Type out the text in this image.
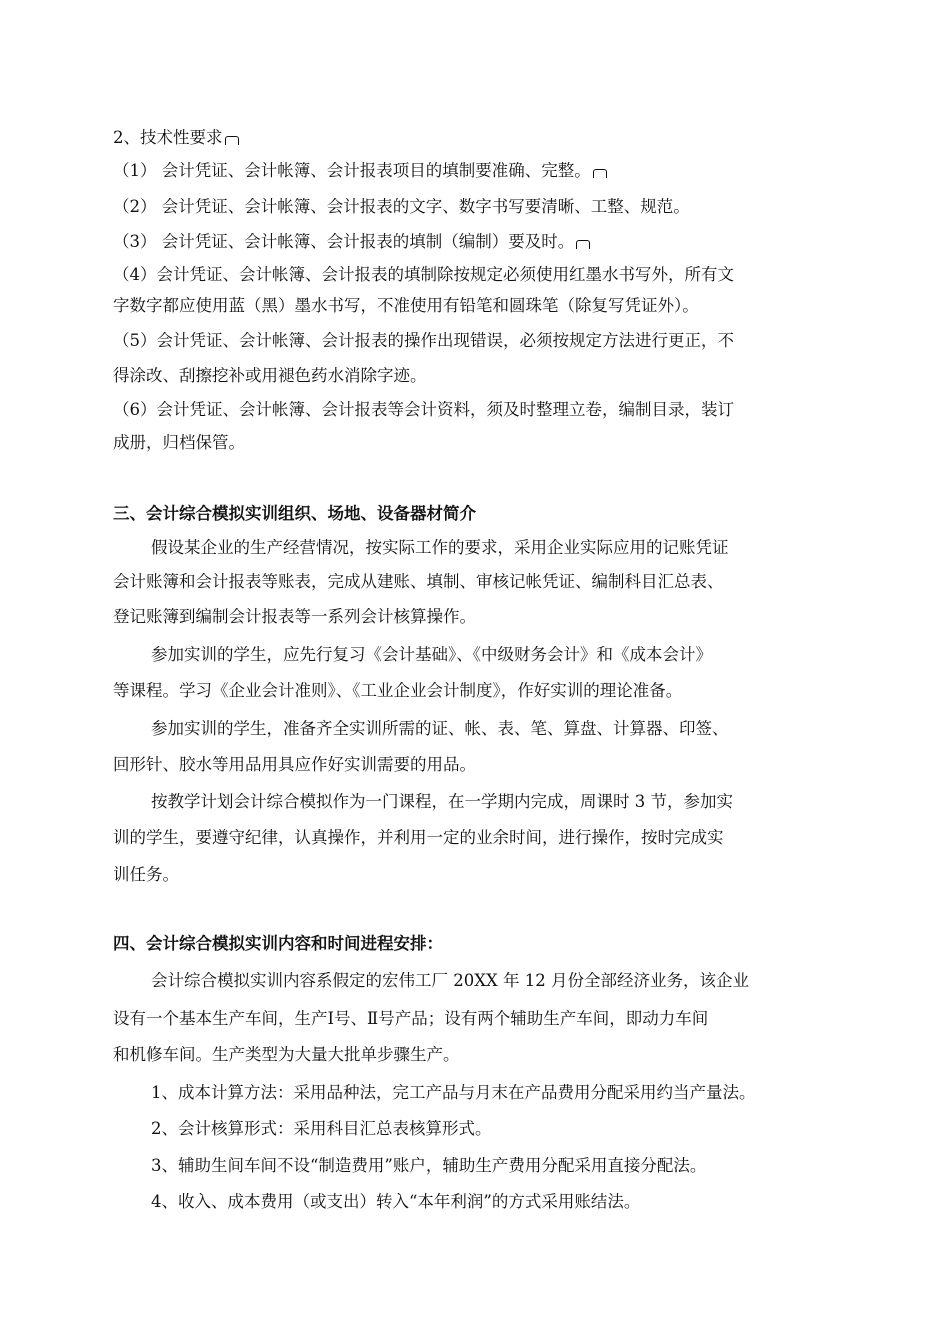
2、技术性要求
（1） 会计凭证、会计帐簿、会计报表项目的填制要准确、完整。
（2） 会计凭证、会计帐簿、会计报表的文字、数字书写要清晰、工整、规范。
（3） 会计凭证、会计帐簿、会计报表的填制（编制）要及时。
（4）会计凭证、会计帐簿、会计报表的填制除按规定必须使用红墨水书写外，所有文
字数字都应使用蓝（黑）墨水书写，不准使用有铅笔和圆珠笔（除复写凭证外）。
（5）会计凭证、会计帐簿、会计报表的操作出现错误，必须按规定方法进行更正，不
得涂改、刮擦挖补或用褪色药水消除字迹。
（6）会计凭证、会计帐簿、会计报表等会计资料，须及时整理立卷，编制目录，装订
成册，归档保管。
三、会计综合模拟实训组织、场地、设备器材简介
假设某企业的生产经营情况，按实际工作的要求，采用企业实际应用的记账凭证
会计账簿和会计报表等账表，完成从建账、填制、审核记帐凭证、编制科目汇总表、
登记账簿到编制会计报表等一系列会计核算操作。
参加实训的学生，应先行复习《会计基础》、《中级财务会计》和《成本会计》
等课程。学习《企业会计准则》、《工业企业会计制度》，作好实训的理论准备。
参加实训的学生，准备齐全实训所需的证、帐、表、笔、算盘、计算器、印签、
回形针、胶水等用品用具应作好实训需要的用品。
按教学计划会计综合模拟作为一门课程，在一学期内完成，周课时 3 节，参加实
训的学生，要遵守纪律，认真操作，并利用一定的业余时间，进行操作，按时完成实
训任务。
四、会计综合模拟实训内容和时间进程安排：
会计综合模拟实训内容系假定的宏伟工厂 20XX 年 12 月份全部经济业务，该企业
设有一个基本生产车间，生产Ⅰ号、Ⅱ号产品；设有两个辅助生产车间，即动力车间
和机修车间。生产类型为大量大批单步骤生产。
1、成本计算方法：采用品种法，完工产品与月末在产品费用分配采用约当产量法。
2、会计核算形式：采用科目汇总表核算形式。
3、辅助生间车间不设“制造费用”账户，辅助生产费用分配采用直接分配法。
4、收入、成本费用（或支出）转入“本年利润”的方式采用账结法。
